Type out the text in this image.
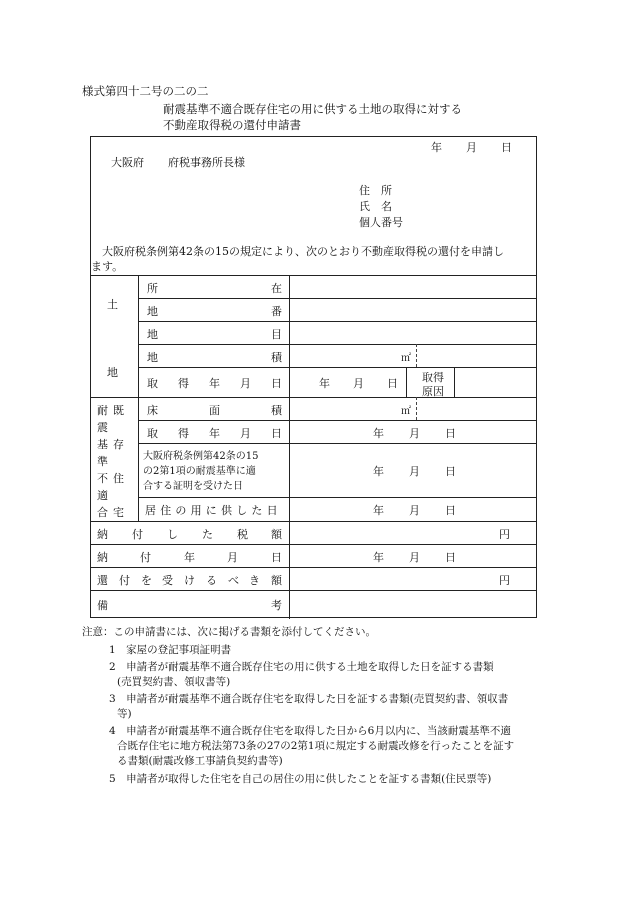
様式第四十二号の二の二
耐震基準不適合既存住宅の用に供する土地の取得に対する
不動産取得税の還付申請書
年 月 日
大阪府 府税事務所長様
住　所
氏　名
個人番号
大阪府税条例第42条の15の規定により、次のとおり不動産取得税の還付を申請し
ます。
土
地
所	在
地	番
地	目
地	積	㎡
取 得 年 月 日	年 月 日 取得
原因
耐
震
基
準
不
適
合
既
存
住
宅
床	面	積	㎡
取 得 年 月 日	年 月 日
大阪府税条例第42条の15
の2第1項の耐震基準に適
合する証明を受けた日
年 月 日
居住の用に供した日	年 月 日
納 付 し た 税 額	円
納	付	年	月	日	年 月 日
還 付 を 受 け る べ き 額	円
備	考
注意：この申請書には、次に掲げる書類を添付してください。
1　家屋の登記事項証明書
2　申請者が耐震基準不適合既存住宅の用に供する土地を取得した日を証する書類
(売買契約書、領収書等)
3　申請者が耐震基準不適合既存住宅を取得した日を証する書類(売買契約書、領収書
等)
4　申請者が耐震基準不適合既存住宅を取得した日から6月以内に、当該耐震基準不適
合既存住宅に地方税法第73条の27の2第1項に規定する耐震改修を行ったことを証す
る書類(耐震改修工事請負契約書等)
5　申請者が取得した住宅を自己の居住の用に供したことを証する書類(住民票等)
